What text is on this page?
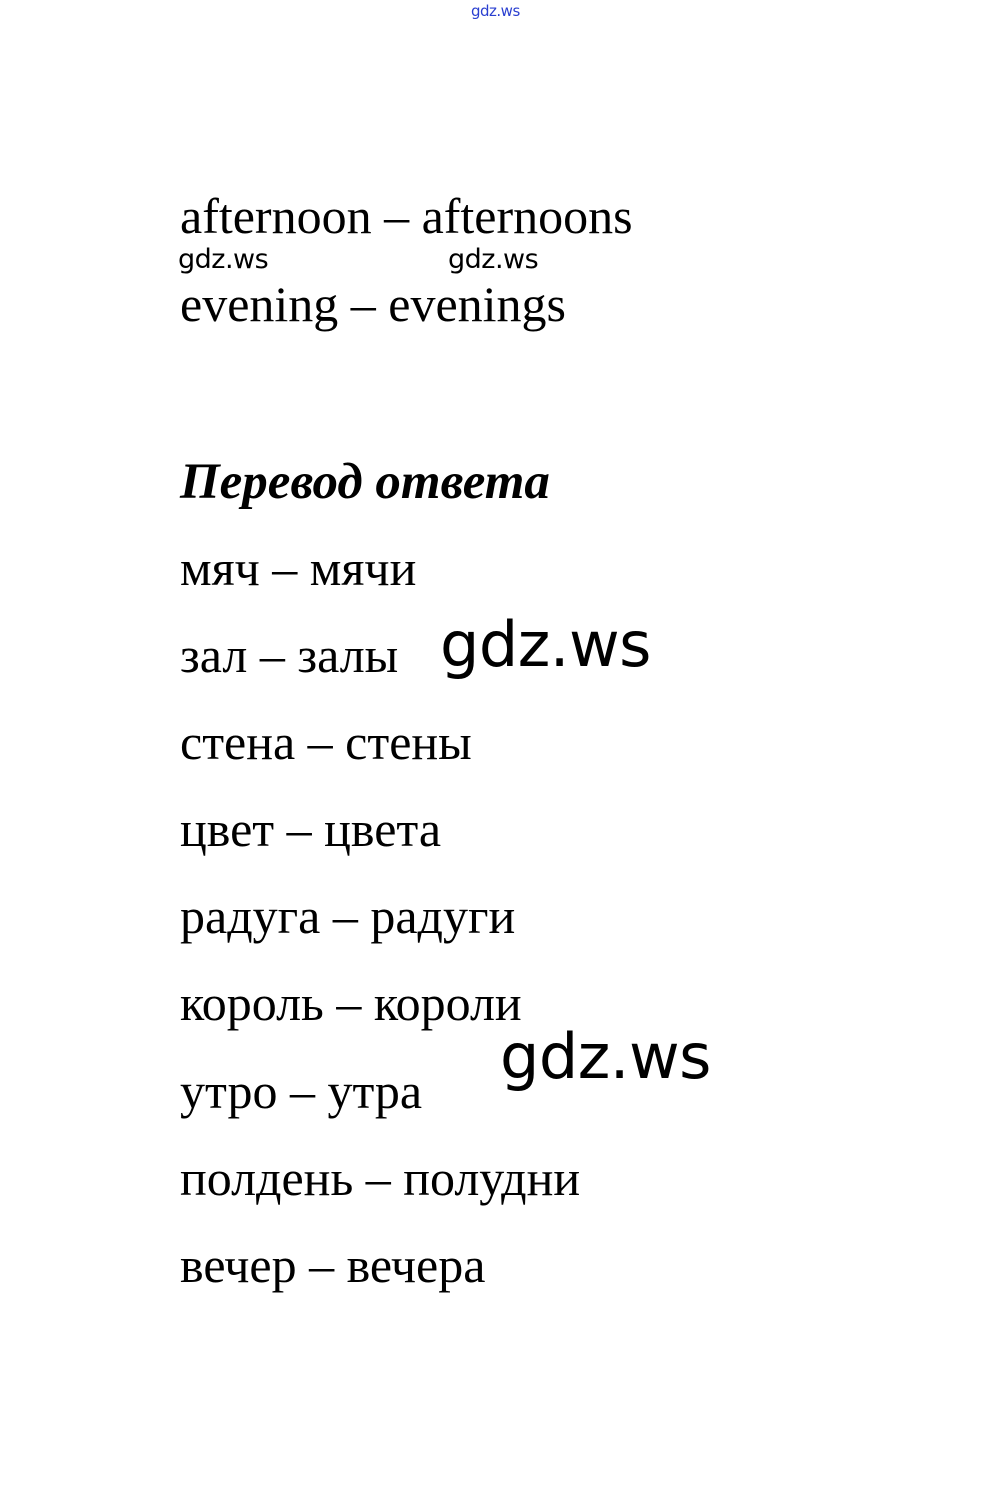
gdz.ws
afternoon – afternoons
gdz.ws	gdz.ws
evening – evenings
Перевод ответа
мяч – мячи
зал – залы
стена – стены
цвет – цвета
радуга – радуги
король – короли
утро – утра
полдень – полудни
вечер – вечера
gdz.ws
gdz.ws
